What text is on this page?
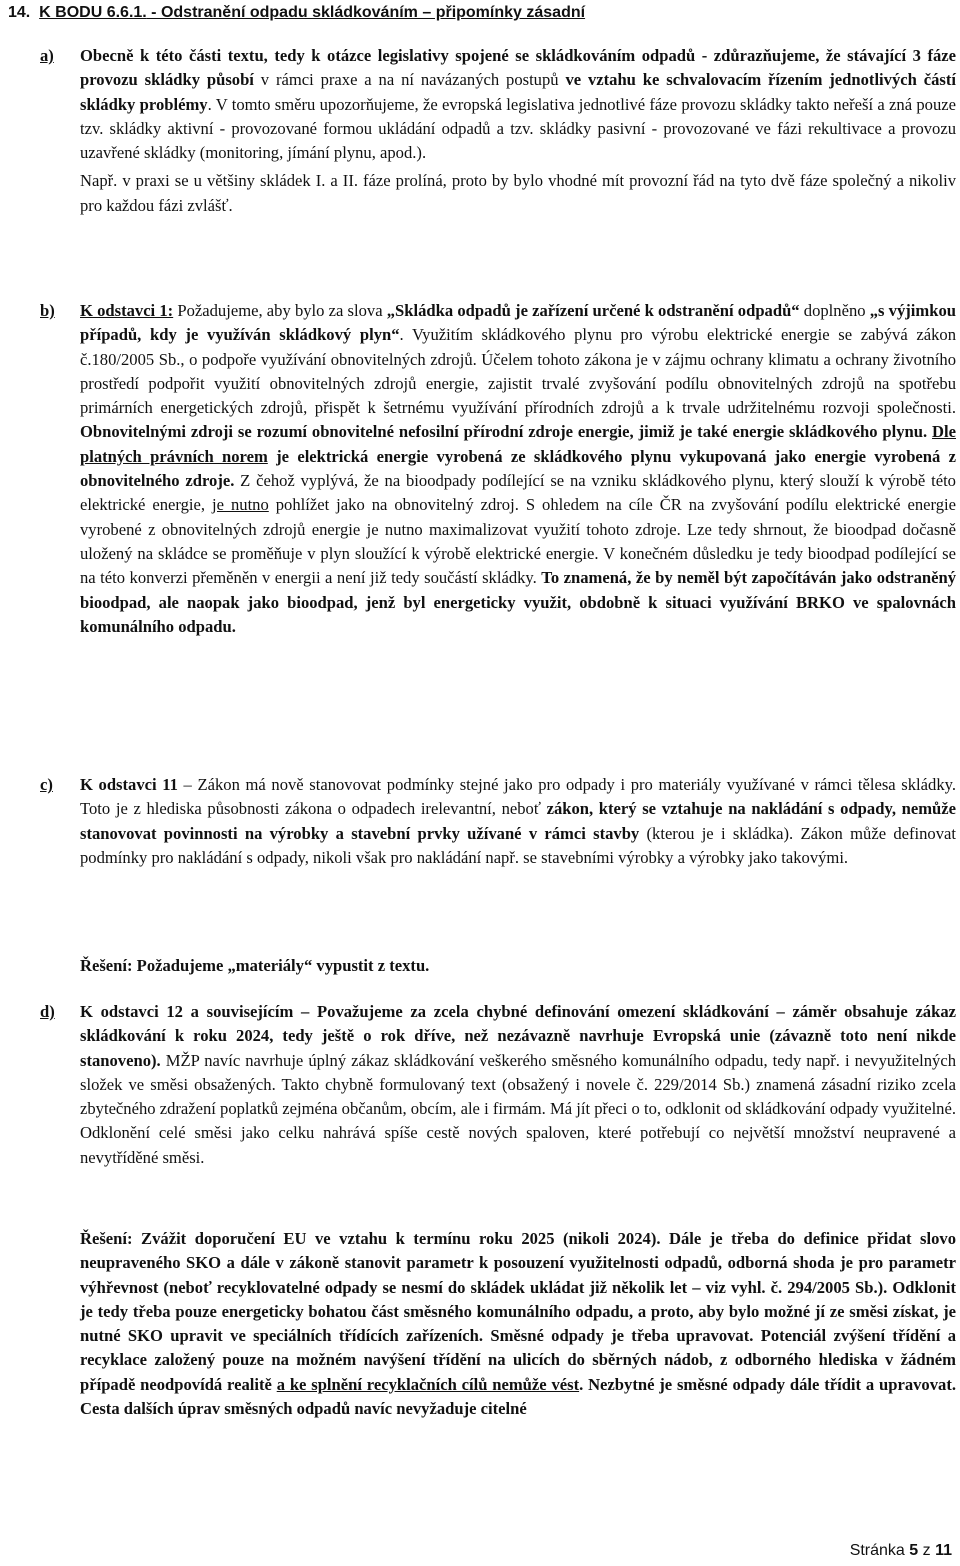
14. K BODU 6.6.1. - Odstranění odpadu skládkováním – připomínky zásadní
a) Obecně k této části textu, tedy k otázce legislativy spojené se skládkováním odpadů - zdůrazňujeme, že stávající 3 fáze provozu skládky působí v rámci praxe a na ní navázaných postupů ve vztahu ke schvalovacím řízením jednotlivých částí skládky problémy. V tomto směru upozorňujeme, že evropská legislativa jednotlivé fáze provozu skládky takto neřeší a zná pouze tzv. skládky aktivní - provozované formou ukládání odpadů a tzv. skládky pasivní - provozované ve fázi rekultivace a provozu uzavřené skládky (monitoring, jímání plynu, apod.).

Např. v praxi se u většiny skládek I. a II. fáze prolíná, proto by bylo vhodné mít provozní řád na tyto dvě fáze společný a nikoliv pro každou fázi zvlášť.

b) K odstavci 1: Požadujeme, aby bylo za slova „Skládka odpadů je zařízení určené k odstranění odpadů“ doplněno „s výjimkou případů, kdy je využíván skládkový plyn“. Využitím skládkového plynu pro výrobu elektrické energie se zabývá zákon č.180/2005 Sb., o podpoře využívání obnovitelných zdrojů. Účelem tohoto zákona je v zájmu ochrany klimatu a ochrany životního prostředí podpořit využití obnovitelných zdrojů energie, zajistit trvalé zvyšování podílu obnovitelných zdrojů na spotřebu primárních energetických zdrojů, přispět k šetrnému využívání přírodních zdrojů a k trvale udržitelnému rozvoji společnosti. Obnovitelnými zdroji se rozumí obnovitelné nefosilní přírodní zdroje energie, jimiž je také energie skládkového plynu. Dle platných právních norem je elektrická energie vyrobená ze skládkového plynu vykupovaná jako energie vyrobená z obnovitelného zdroje. Z čehož vyplývá, že na bioodpady podílející se na vzniku skládkového plynu, který slouží k výrobě této elektrické energie, je nutno pohlížet jako na obnovitelný zdroj. S ohledem na cíle ČR na zvyšování podílu elektrické energie vyrobené z obnovitelných zdrojů energie je nutno maximalizovat využití tohoto zdroje. Lze tedy shrnout, že bioodpad dočasně uložený na skládce se proměňuje v plyn sloužící k výrobě elektrické energie. V konečném důsledku je tedy bioodpad podílející se na této konverzi přeměněn v energii a není již tedy součástí skládky. To znamená, že by neměl být započítáván jako odstraněný bioodpad, ale naopak jako bioodpad, jenž byl energeticky využit, obdobně k situaci využívání BRKO ve spalovnách komunálního odpadu.

c) K odstavci 11 – Zákon má nově stanovovat podmínky stejné jako pro odpady i pro materiály využívané v rámci tělesa skládky. Toto je z hlediska působnosti zákona o odpadech irelevantní, neboť zákon, který se vztahuje na nakládání s odpady, nemůže stanovovat povinnosti na výrobky a stavební prvky užívané v rámci stavby (kterou je i skládka). Zákon může definovat podmínky pro nakládání s odpady, nikoli však pro nakládání např. se stavebními výrobky a výrobky jako takovými.

Řešení: Požadujeme „materiály“ vypustit z textu.
d) K odstavci 12 a souvisejícím – Považujeme za zcela chybné definování omezení skládkování – záměr obsahuje zákaz skládkování k roku 2024, tedy ještě o rok dříve, než nezávazně navrhuje Evropská unie (závazně toto není nikde stanoveno). MŽP navíc navrhuje úplný zákaz skládkování veškerého směsného komunálního odpadu, tedy např. i nevyužitelných složek ve směsi obsažených. Takto chybně formulovaný text (obsažený i novele č. 229/2014 Sb.) znamená zásadní riziko zcela zbytečného zdražení poplatků zejména občanům, obcím, ale i firmám. Má jít přeci o to, odklonit od skládkování odpady využitelné. Odklonění celé směsi jako celku nahrává spíše cestě nových spaloven, které potřebují co největší množství neupravené a nevytříděné směsi.

Řešení: Zvážit doporučení EU ve vztahu k termínu roku 2025 (nikoli 2024). Dále je třeba do definice přidat slovo neupraveného SKO a dále v zákoně stanovit parametr k posouzení využitelnosti odpadů, odborná shoda je pro parametr výhřevnost (neboť recyklovatelné odpady se nesmí do skládek ukládat již několik let – viz vyhl. č. 294/2005 Sb.). Odklonit je tedy třeba pouze energeticky bohatou část směsného komunálního odpadu, a proto, aby bylo možné jí ze směsi získat, je nutné SKO upravit ve speciálních třídících zařízeních. Směsné odpady je třeba upravovat. Potenciál zvýšení třídění a recyklace založený pouze na možném navýšení třídění na ulicích do sběrných nádob, z odborného hlediska v žádném případě neodpovídá realitě a ke splnění recyklačních cílů nemůže vést. Nezbytné je směsné odpady dále třídit a upravovat. Cesta dalších úprav směsných odpadů navíc nevyžaduje citelné
Stránka 5 z 11
